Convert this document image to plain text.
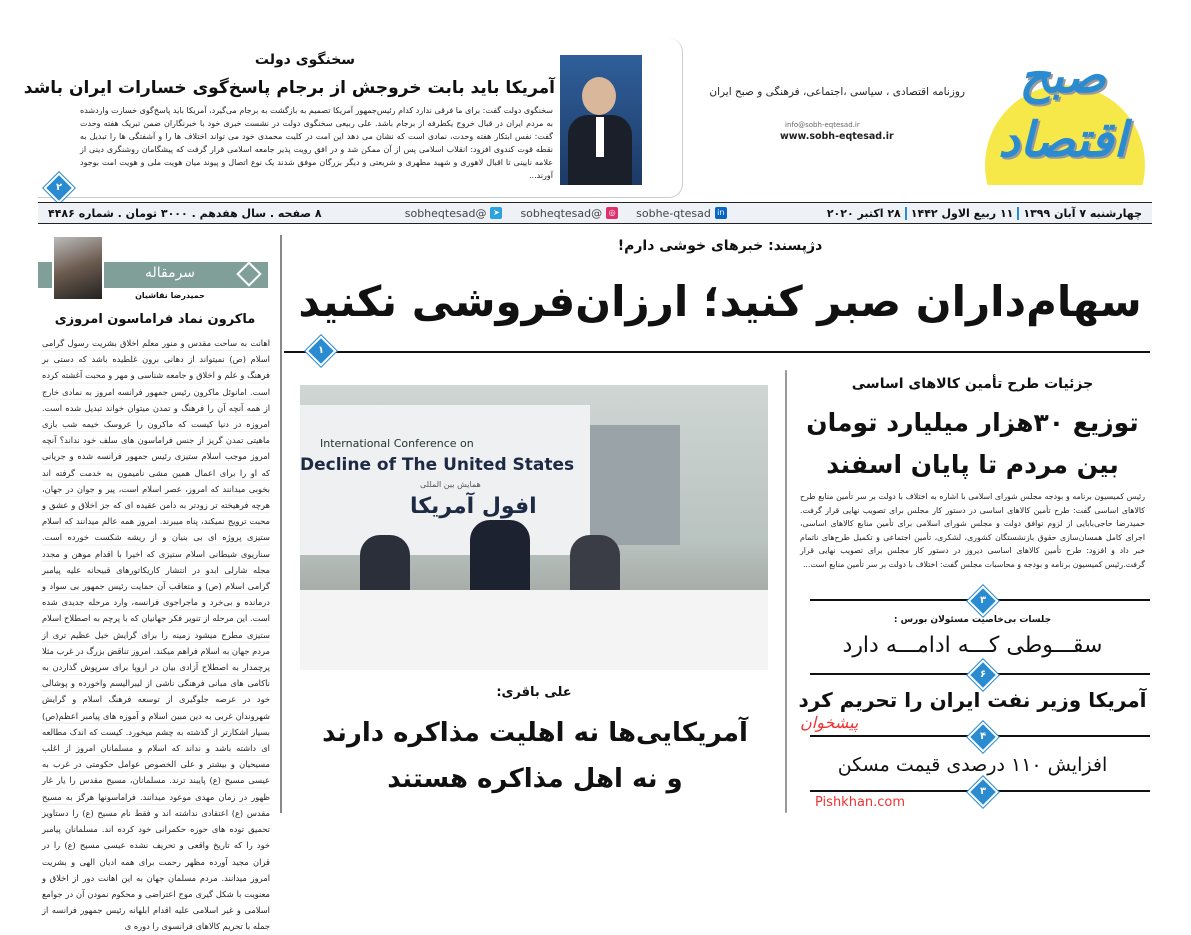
سخنگوی دولت
آمریکا باید بابت خروجش از برجام پاسخ‌گوی خسارات ایران باشد
سخنگوی دولت گفت: برای ما فرقی ندارد کدام رئیس‌جمهور آمریکا تصمیم به بازگشت به برجام می‌گیرد، آمریکا باید پاسخ‌گوی خسارت واردشده به مردم ایران در قبال خروج یکطرفه از برجام باشد. علی ربیعی سخنگوی دولت در نشست خبری خود با خبرنگاران ضمن تبریک هفته وحدت گفت: نفس ابتکار هفته وحدت، نمادی است که نشان می دهد این امت در کلیت محمدی خود می تواند اختلاف ها را و آشفتگی ها را تبدیل به نقطه قوت کندوی افزود: انقلاب اسلامی پس از آن ممکن شد و در افق رویت پذیر جامعه اسلامی قرار گرفت که پیشگامان روشنگری دینی از علامه نایینی تا اقبال لاهوری و شهید مطهری و شریعتی و دیگر بزرگان موفق شدند یک نوع اتصال و پیوند میان هویت ملی و هویت امت بوجود آورند...
۲
صبح اقتصاد
روزنامه اقتصادی ، سیاسی ،اجتماعی، فرهنگی و صبح ایران
info@sobh-eqtesad.ir
www.sobh-eqtesad.ir
چهارشنبه ۷ آبان ۱۳۹۹
۱۱ ربیع الاول ۱۴۴۲
۲۸ اکتبر ۲۰۲۰
in
sobhe-qtesad
◎
@sobheqtesad
➤
@sobheqtesad
۸ صفحه . سال هفدهم . ۳۰۰۰ تومان . شماره ۴۴۸۶
سرمقاله
حمیدرضا نقاشیان
ماکرون نماد فراماسون امروزی
اهانت به ساحت مقدس و منور معلم اخلاق بشریت رسول گرامی اسلام (ص) نمیتواند از دهانی برون غلطیده باشد که دستی بر فرهنگ و علم و اخلاق و جامعه شناسی و مهر و محبت آغشته کرده است. امانوئل ماکرون رئیس جمهور فرانسه امروز به نمادی خارج از همه آنچه آن را فرهنگ و تمدن میتوان خواند تبدیل شده است. امروزه در دنیا کیست که ماکرون را عروسک خیمه شب بازی ماهیتی تمدن گریز از جنس فراماسون های سلف خود نداند؟ آنچه امروز موجب اسلام ستیزی رئیس جمهور فرانسه شده و جریانی که او را برای اعمال همین مشی ناميمون به خدمت گرفته اند بخوبی میدانند که امروز، عصر اسلام است، پیر و جوان در جهان، هرچه فرهیخته تر زودتر به دامن عقیده ای که جز اخلاق و عشق و محبت ترویج نمیکند، پناه میبرند. امروز همه عالم میدانند که اسلام ستیزی پروژه ای بی بنیان و از ریشه شکست خورده است. سناریوی شیطانی اسلام ستیزی که اخیرا با اقدام موهن و مجدد مجله شارلی ابدو در انتشار کاریکاتورهای قبیحانه علیه پیامبر گرامی اسلام (ص) و متعاقب آن حمایت رئیس جمهور بی سواد و درمانده و بی‌خرد و ماجراجوی فرانسه، وارد مرحله جدیدی شده است. این مرحله از تنویر فکر جهانیان که با پرچم به اصطلاح اسلام ستیزی مطرح میشود زمینه را برای گرایش خیل عظیم تری از مردم جهان به اسلام فراهم میکند. امروز تناقض بزرگ در غرب مثلا پرچمدار به اصطلاح آزادی بیان در اروپا برای سرپوش گذاردن به ناکامی های مبانی فرهنگی ناشی از لیبرالیسم واخورده و پوشالی خود در عرصه جلوگیری از توسعه فرهنگ اسلام و گرایش شهروندان غربی به دین مبین اسلام و آموزه های پیامبر اعظم(ص) بسیار اشکارتر از گذشته به چشم میخورد. کیست که اندک مطالعه ای داشته باشد و نداند که اسلام و مسلمانان امروز از اغلب مسیحیان و بیشتر و علی الخصوص عوامل حکومتی در غرب به عیسی مسیح (ع) پایبند ترند. مسلمانان، مسیح مقدس را یار غار ظهور در زمان مهدی موعود میدانند. فراماسونها هرگز به مسیح مقدس (ع) اعتقادی نداشته اند و فقط نام مسیح (ع) را دستاویز تحمیق توده های حوزه حکمرانی خود کرده اند. مسلمانان پیامبر خود را که تاریخ واقعی و تحریف نشده عیسی مسیح (ع) را در قران مجید آورده مظهر رحمت برای همه ادیان الهی و بشریت امروز میدانند. مردم مسلمان جهان به این اهانت دور از اخلاق و معنویت با شکل گیری موج اعتراضی و محکوم نمودن آن در جوامع اسلامی و غیر اسلامی علیه اقدام ابلهانه رئیس جمهور فرانسه از جمله با تحریم کالاهای فرانسوی را دوره ی
دژپسند: خبرهای خوشی دارم!
سهام‌داران صبر کنید؛ ارزان‌فروشی نکنید
۱
International Conference on
Decline of The United States
همایش بین المللی
افول آمریکا
علی باقری:
آمریکایی‌ها نه اهلیت مذاکره دارند
و نه اهل مذاکره هستند
جزئیات طرح تأمین کالاهای اساسی
توزیع ۳۰هزار میلیارد تومان
بین مردم تا پایان اسفند
رئیس کمیسیون برنامه و بودجه مجلس شورای اسلامی با اشاره به اختلاف با دولت بر سر تأمین منابع طرح کالاهای اساسی گفت: طرح تأمین کالاهای اساسی در دستور کار مجلس برای تصویب نهایی قرار گرفت. حمیدرضا حاجی‌بابایی از لزوم توافق دولت و مجلس شورای اسلامی برای تأمین منابع کالاهای اساسی، اجرای کامل همسان‌سازی حقوق بازنشستگان کشوری، لشکری، تأمین اجتماعی و تکمیل طرح‌های ناتمام خبر داد و افزود: طرح تأمین کالاهای اساسی دیروز در دستور کار مجلس برای تصویب نهایی قرار گرفت.رئیس کمیسیون برنامه و بودجه و محاسبات مجلس گفت: اختلاف با دولت بر سر تأمین منابع است...
۳
جلسات بی‌خاصیت مسئولان بورس :
سقـــوطی کـــه ادامـــه دارد
۶
آمریکا وزیر نفت ایران را تحریم کرد
۴
افزایش ۱۱۰ درصدی قیمت مسکن
۳
پیشخوان
Pishkhan.com
